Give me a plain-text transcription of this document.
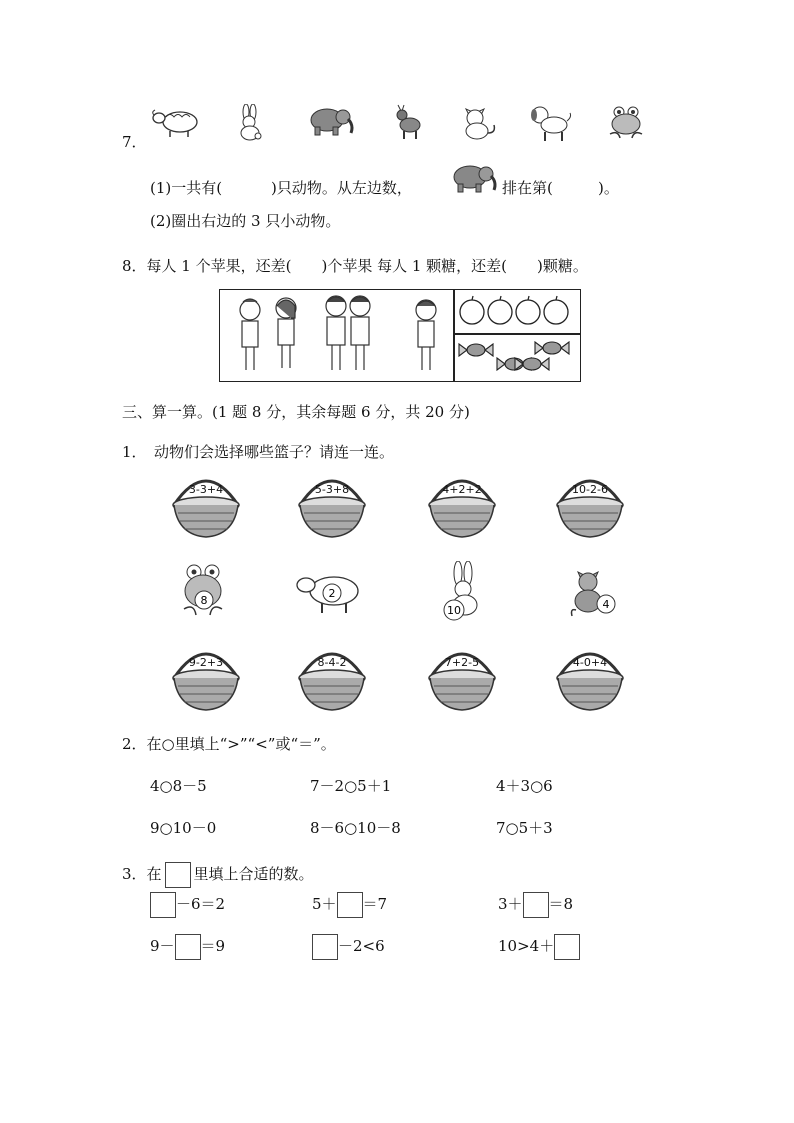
7．
(1)一共有(	)只动物。从左边数，	排在第(	)。
(2)圈出右边的 3 只小动物。
8．每人 1 个苹果，还差(　　)个苹果 每人 1 颗糖，还差(　　)颗糖。
三、算一算。(1 题 8 分，其余每题 6 分，共 20 分)
1．　动物们会选择哪些篮子？请连一连。
3-3+4	5-3+8	4+2+2	10-2-6
8
2
10	4
9-2+3	8-4-2	7+2-5	4-0+4
2．在○里填上“>”“<”或“＝”。
4○8－5	7－2○5＋1	4＋3○6
9○10－0	8－6○10－8	7○5＋3
3．在 里填上合适的数。
－6＝2	5＋ ＝7	3＋ ＝8
9－ ＝9	－2<6	10>4＋
